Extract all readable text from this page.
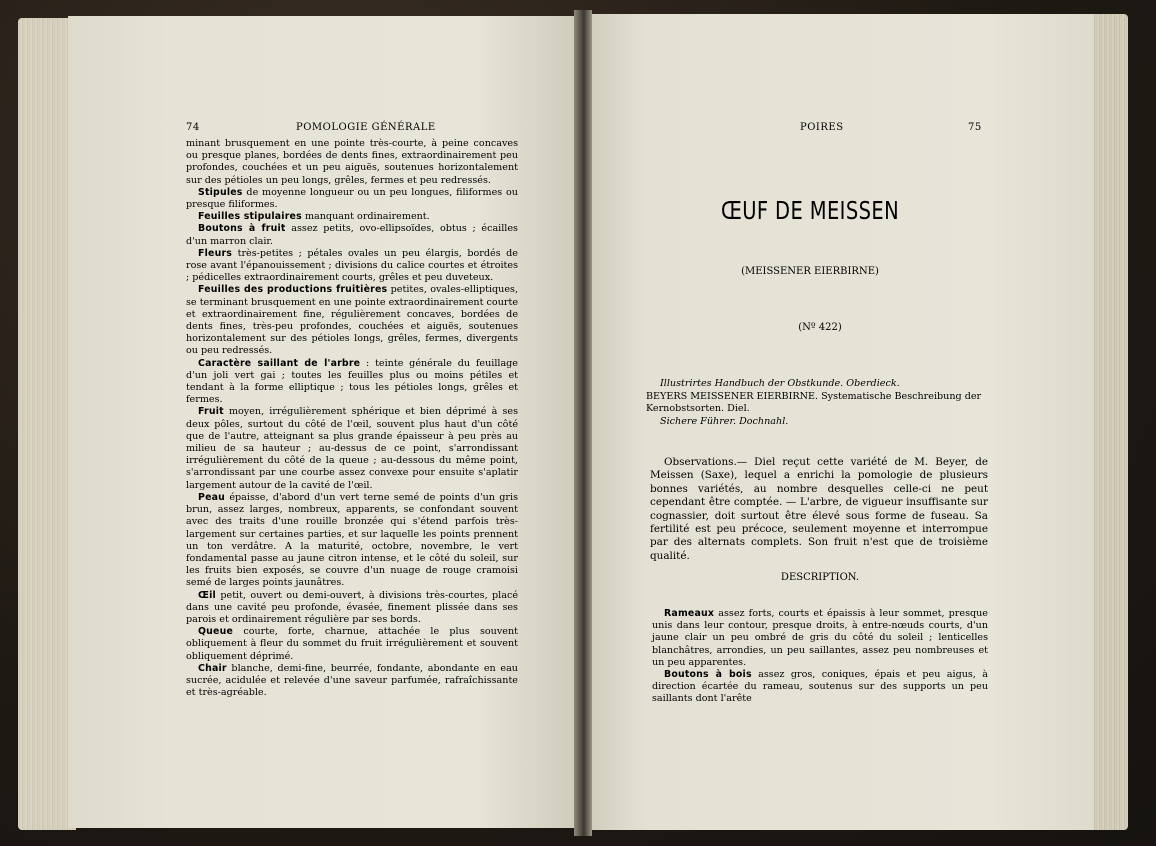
74	POMOLOGIE GÉNÉRALE

minant brusquement en une pointe très-courte, à peine concaves ou presque planes, bordées de dents fines, extraordinairement peu profondes, couchées et un peu aiguës, soutenues horizontalement sur des pétioles un peu longs, grêles, fermes et peu redressés.

Stipules de moyenne longueur ou un peu longues, filiformes ou presque filiformes.

Feuilles stipulaires manquant ordinairement.

Boutons à fruit assez petits, ovo-ellipsoïdes, obtus ; écailles d'un marron clair.

Fleurs très-petites ; pétales ovales un peu élargis, bordés de rose avant l'épanouissement ; divisions du calice courtes et étroites ; pédicelles extraordinairement courts, grêles et peu duveteux.

Feuilles des productions fruitières petites, ovales-elliptiques, se terminant brusquement en une pointe extraordinairement courte et extraordinairement fine, régulièrement concaves, bordées de dents fines, très-peu profondes, couchées et aiguës, soutenues horizontalement sur des pétioles longs, grêles, fermes, divergents ou peu redressés.

Caractère saillant de l'arbre : teinte générale du feuillage d'un joli vert gai ; toutes les feuilles plus ou moins pétiles et tendant à la forme elliptique ; tous les pétioles longs, grêles et fermes.

Fruit moyen, irrégulièrement sphérique et bien déprimé à ses deux pôles, surtout du côté de l'œil, souvent plus haut d'un côté que de l'autre, atteignant sa plus grande épaisseur à peu près au milieu de sa hauteur ; au-dessus de ce point, s'arrondissant irrégulièrement du côté de la queue ; au-dessous du même point, s'arrondissant par une courbe assez convexe pour ensuite s'aplatir largement autour de la cavité de l'œil.

Peau épaisse, d'abord d'un vert terne semé de points d'un gris brun, assez larges, nombreux, apparents, se confondant souvent avec des traits d'une rouille bronzée qui s'étend parfois très-largement sur certaines parties, et sur laquelle les points prennent un ton verdâtre. A la maturité, octobre, novembre, le vert fondamental passe au jaune citron intense, et le côté du soleil, sur les fruits bien exposés, se couvre d'un nuage de rouge cramoisi semé de larges points jaunâtres.

Œil petit, ouvert ou demi-ouvert, à divisions très-courtes, placé dans une cavité peu profonde, évasée, finement plissée dans ses parois et ordinairement régulière par ses bords.

Queue courte, forte, charnue, attachée le plus souvent obliquement à fleur du sommet du fruit irrégulièrement et souvent obliquement déprimé.

Chair blanche, demi-fine, beurrée, fondante, abondante en eau sucrée, acidulée et relevée d'une saveur parfumée, rafraîchissante et très-agréable.

POIRES	75
ŒUF DE MEISSEN
(MEISSENER EIERBIRNE)
(Nº 422)
Illustrirtes Handbuch der Obstkunde. Oberdieck.
BEYERS MEISSENER EIERBIRNE. Systematische Beschreibung der Kernobstsorten. Diel.
Sichere Führer. Dochnahl.

Observations.— Diel reçut cette variété de M. Beyer, de Meissen (Saxe), lequel a enrichi la pomologie de plusieurs bonnes variétés, au nombre desquelles celle-ci ne peut cependant être comptée. — L'arbre, de vigueur insuffisante sur cognassier, doit surtout être élevé sous forme de fuseau. Sa fertilité est peu précoce, seulement moyenne et interrompue par des alternats complets. Son fruit n'est que de troisième qualité.

DESCRIPTION.

Rameaux assez forts, courts et épaissis à leur sommet, presque unis dans leur contour, presque droits, à entre-nœuds courts, d'un jaune clair un peu ombré de gris du côté du soleil ; lenticelles blanchâtres, arrondies, un peu saillantes, assez peu nombreuses et un peu apparentes.

Boutons à bois assez gros, coniques, épais et peu aigus, à direction écartée du rameau, soutenus sur des supports un peu saillants dont l'arête
